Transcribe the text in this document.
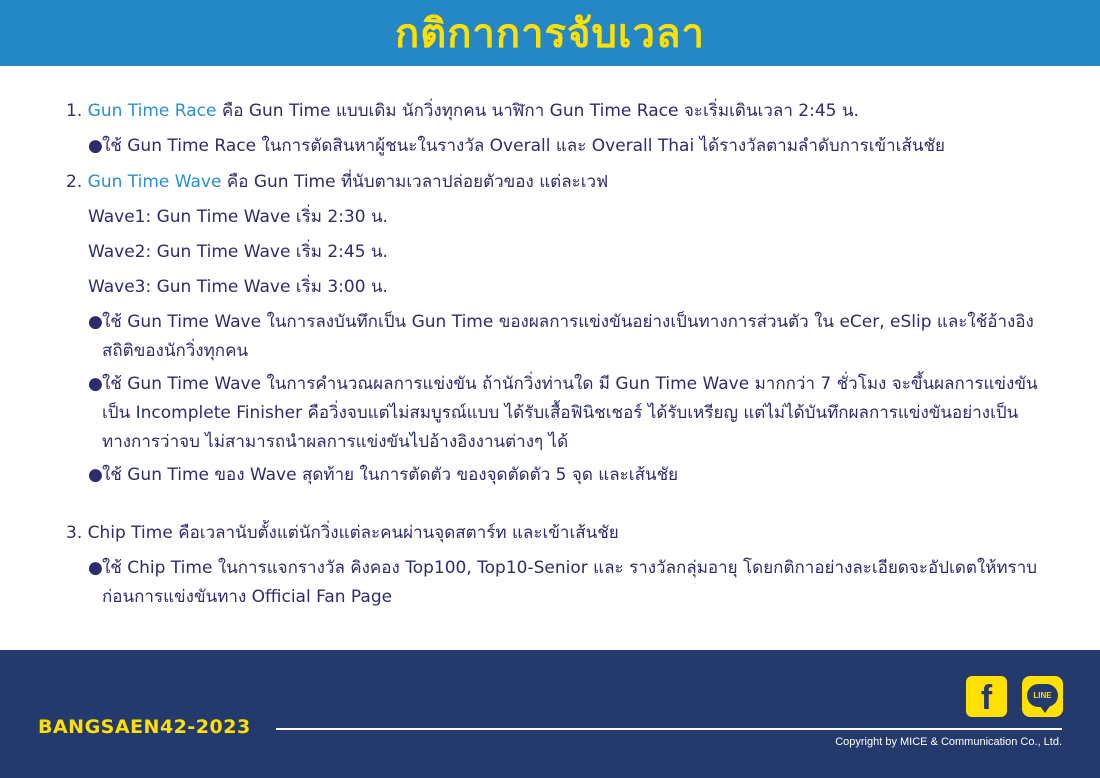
กติกาการจับเวลา
1. Gun Time Race คือ Gun Time แบบเดิม นักวิ่งทุกคน นาฬิกา Gun Time Race จะเริ่มเดินเวลา 2:45 น.
● ใช้ Gun Time Race ในการตัดสินหาผู้ชนะในรางวัล Overall และ Overall Thai ได้รางวัลตามลำดับการเข้าเส้นชัย
2. Gun Time Wave คือ Gun Time ที่นับตามเวลาปล่อยตัวของ แต่ละเวฟ
Wave1: Gun Time Wave เริ่ม 2:30 น.
Wave2: Gun Time Wave เริ่ม 2:45 น.
Wave3: Gun Time Wave เริ่ม 3:00 น.
● ใช้ Gun Time Wave ในการลงบันทึกเป็น Gun Time ของผลการแข่งขันอย่างเป็นทางการส่วนตัว ใน eCer, eSlip และใช้อ้างอิงสถิติของนักวิ่งทุกคน
● ใช้ Gun Time Wave ในการคำนวณผลการแข่งขัน ถ้านักวิ่งท่านใด มี Gun Time Wave มากกว่า 7 ชั่วโมง จะขึ้นผลการแข่งขันเป็น Incomplete Finisher คือวิ่งจบแต่ไม่สมบูรณ์แบบ ได้รับเสื้อฟินิชเชอร์ ได้รับเหรียญ แต่ไม่ได้บันทึกผลการแข่งขันอย่างเป็นทางการว่าจบ ไม่สามารถนำผลการแข่งขันไปอ้างอิงงานต่างๆ ได้
● ใช้ Gun Time ของ Wave สุดท้าย ในการตัดตัว ของจุดตัดตัว 5 จุด และเส้นชัย
3. Chip Time คือเวลานับตั้งแต่นักวิ่งแต่ละคนผ่านจุดสตาร์ท และเข้าเส้นชัย
● ใช้ Chip Time ในการแจกรางวัล คิงคอง Top100, Top10-Senior และ รางวัลกลุ่มอายุ โดยกติกาอย่างละเอียดจะอัปเดตให้ทราบก่อนการแข่งขันทาง Official Fan Page
f	LINE
BANGSAEN42-2023
Copyright by MICE & Communication Co., Ltd.
